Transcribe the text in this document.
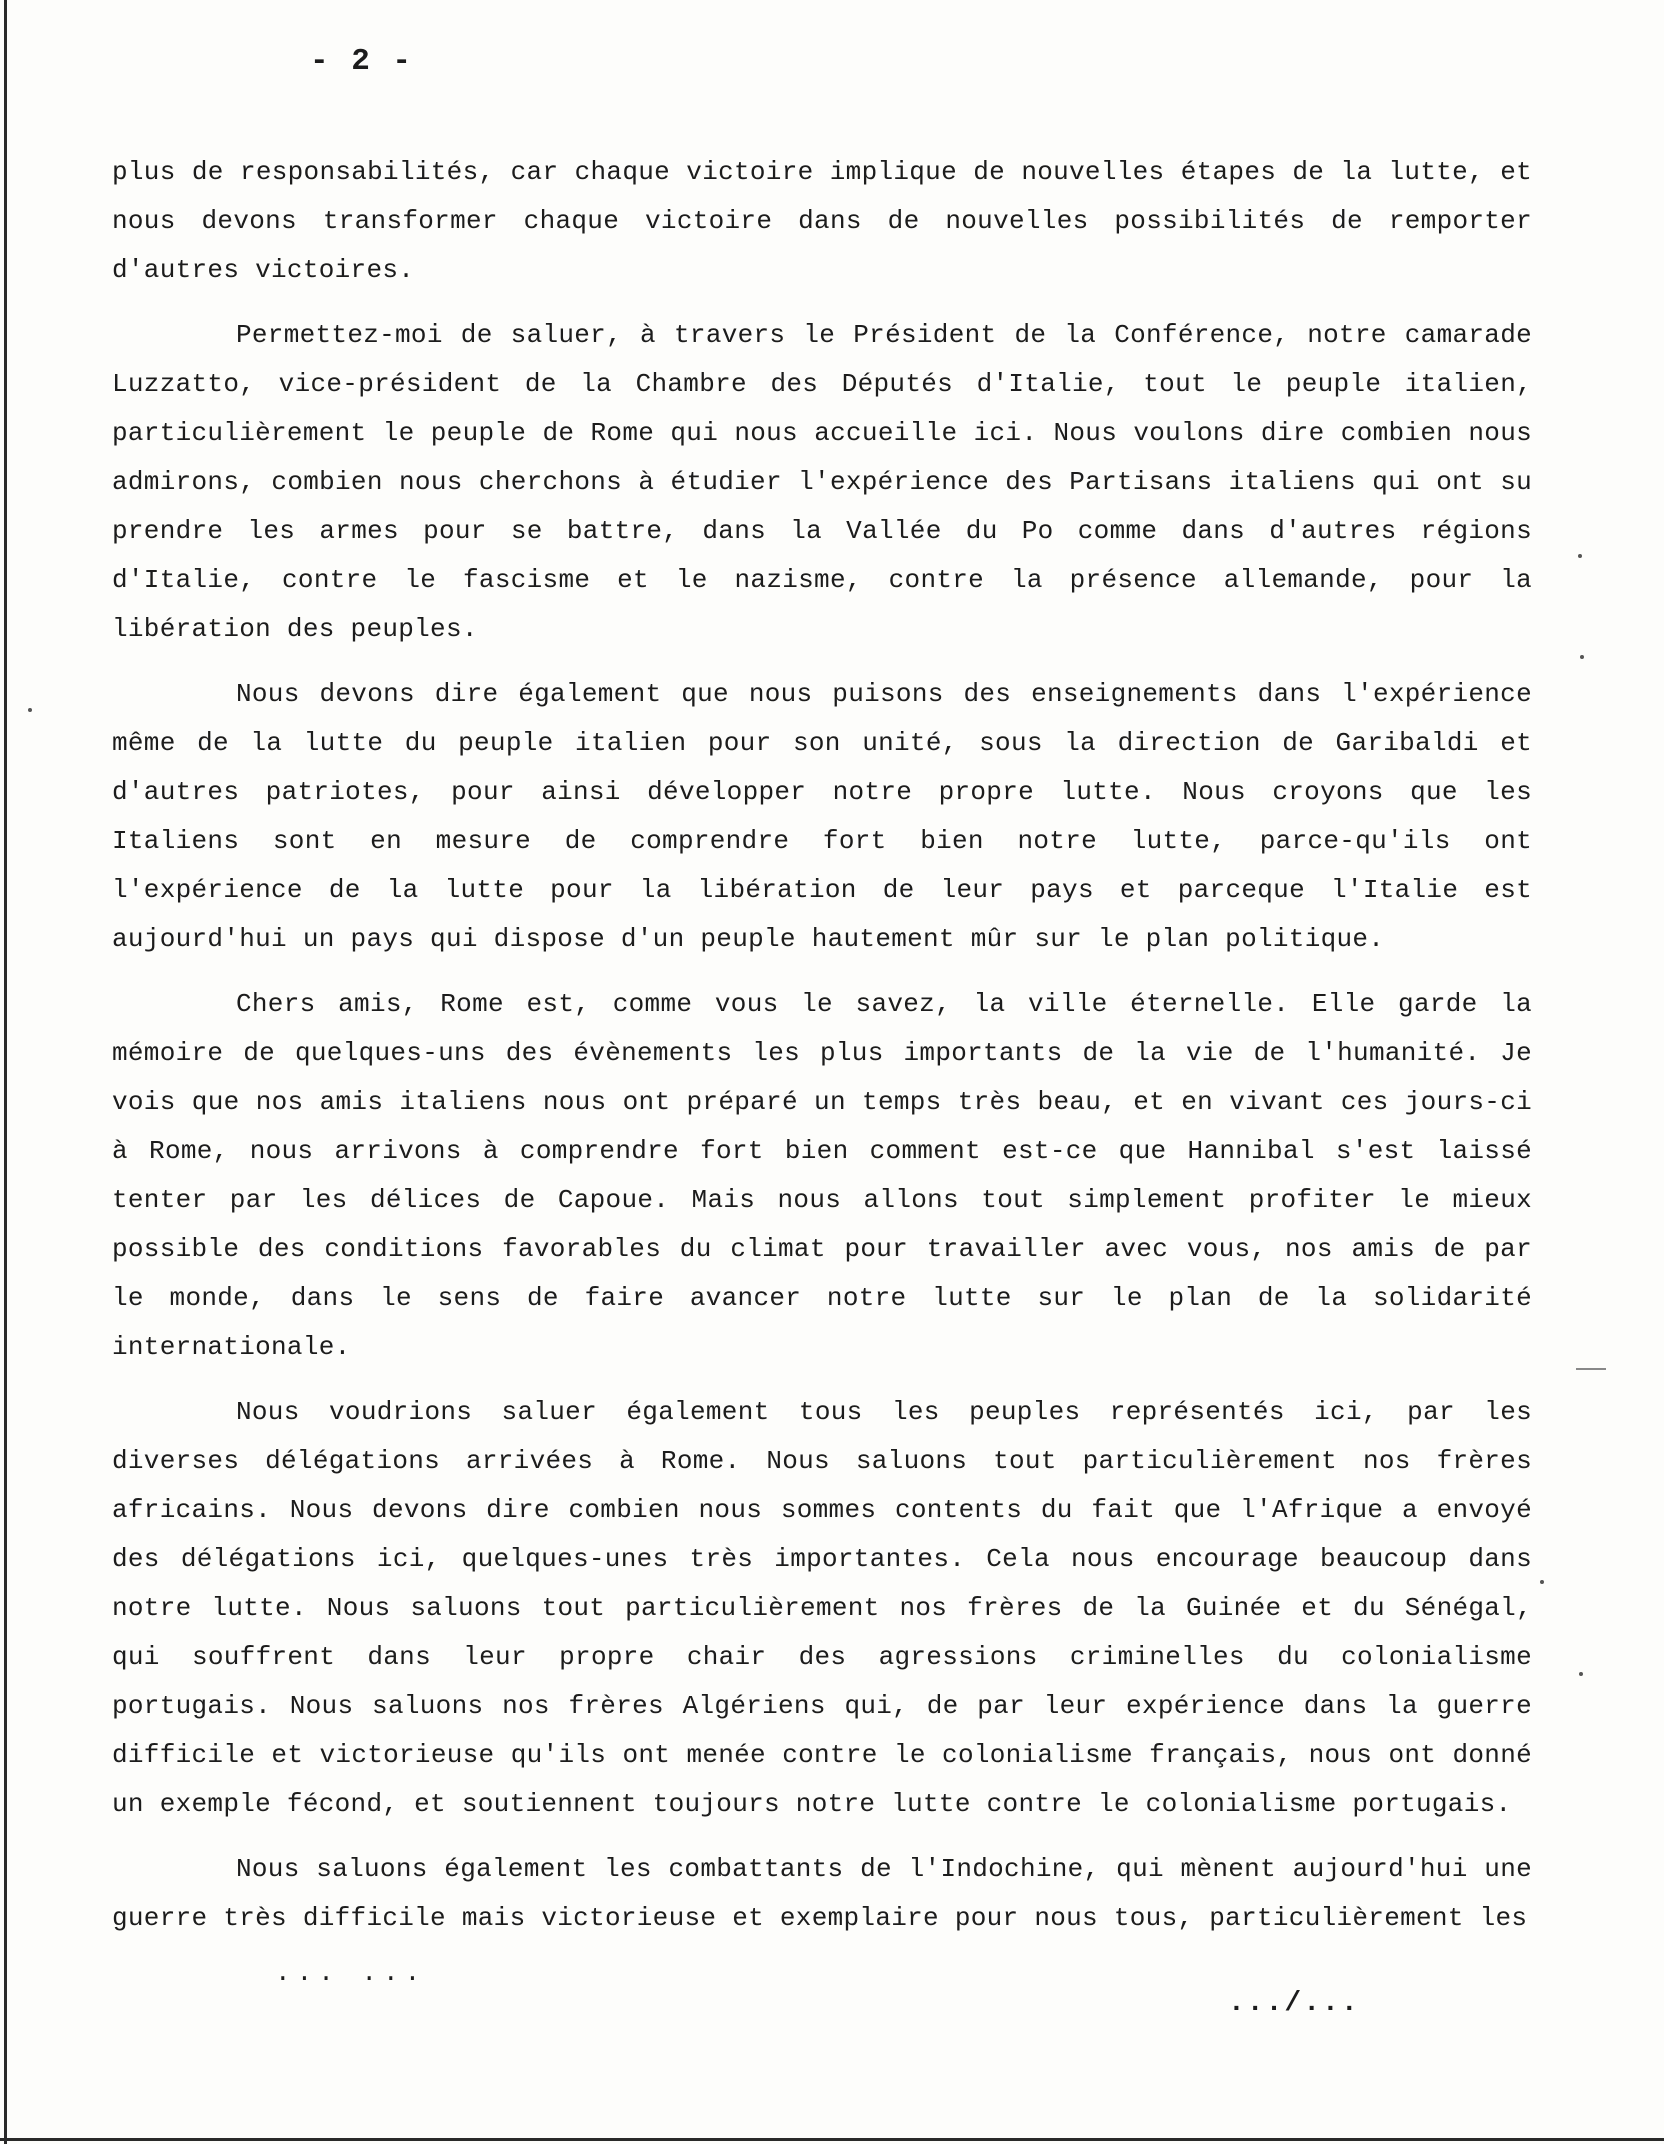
- 2 -

plus de responsabilités, car chaque victoire implique de nouvelles étapes de la lutte, et nous devons transformer chaque victoire dans de nouvelles possibilités de remporter d'autres victoires.

Permettez-moi de saluer, à travers le Président de la Conférence, notre camarade Luzzatto, vice-président de la Chambre des Députés d'Italie, tout le peuple italien, particulièrement le peuple de Rome qui nous accueille ici. Nous voulons dire combien nous admirons, combien nous cherchons à étudier l'expérience des Partisans italiens qui ont su prendre les armes pour se battre, dans la Vallée du Po comme dans d'autres régions d'Italie, contre le fascisme et le nazisme, contre la présence allemande, pour la libération des peuples.

Nous devons dire également que nous puisons des enseignements dans l'expérience même de la lutte du peuple italien pour son unité, sous la direction de Garibaldi et d'autres patriotes, pour ainsi développer notre propre lutte. Nous croyons que les Italiens sont en mesure de comprendre fort bien notre lutte, parce-qu'ils ont l'expérience de la lutte pour la libération de leur pays et parceque l'Italie est aujourd'hui un pays qui dispose d'un peuple hautement mûr sur le plan politique.

Chers amis, Rome est, comme vous le savez, la ville éternelle. Elle garde la mémoire de quelques-uns des évènements les plus importants de la vie de l'humanité. Je vois que nos amis italiens nous ont préparé un temps très beau, et en vivant ces jours-ci à Rome, nous arrivons à comprendre fort bien comment est-ce que Hannibal s'est laissé tenter par les délices de Capoue. Mais nous allons tout simplement profiter le mieux possible des conditions favorables du climat pour travailler avec vous, nos amis de par le monde, dans le sens de faire avancer notre lutte sur le plan de la solidarité internationale.

Nous voudrions saluer également tous les peuples représentés ici, par les diverses délégations arrivées à Rome. Nous saluons tout particulièrement nos frères africains. Nous devons dire combien nous sommes contents du fait que l'Afrique a envoyé des délégations ici, quelques-unes très importantes. Cela nous encourage beaucoup dans notre lutte. Nous saluons tout particulièrement nos frères de la Guinée et du Sénégal, qui souffrent dans leur propre chair des agressions criminelles du colonialisme portugais. Nous saluons nos frères Algériens qui, de par leur expérience dans la guerre difficile et victorieuse qu'ils ont menée contre le colonialisme français, nous ont donné un exemple fécond, et soutiennent toujours notre lutte contre le colonialisme portugais.

Nous saluons également les combattants de l'Indochine, qui mènent aujourd'hui une guerre très difficile mais victorieuse et exemplaire pour nous tous, particulièrement les

... ...
.../...
